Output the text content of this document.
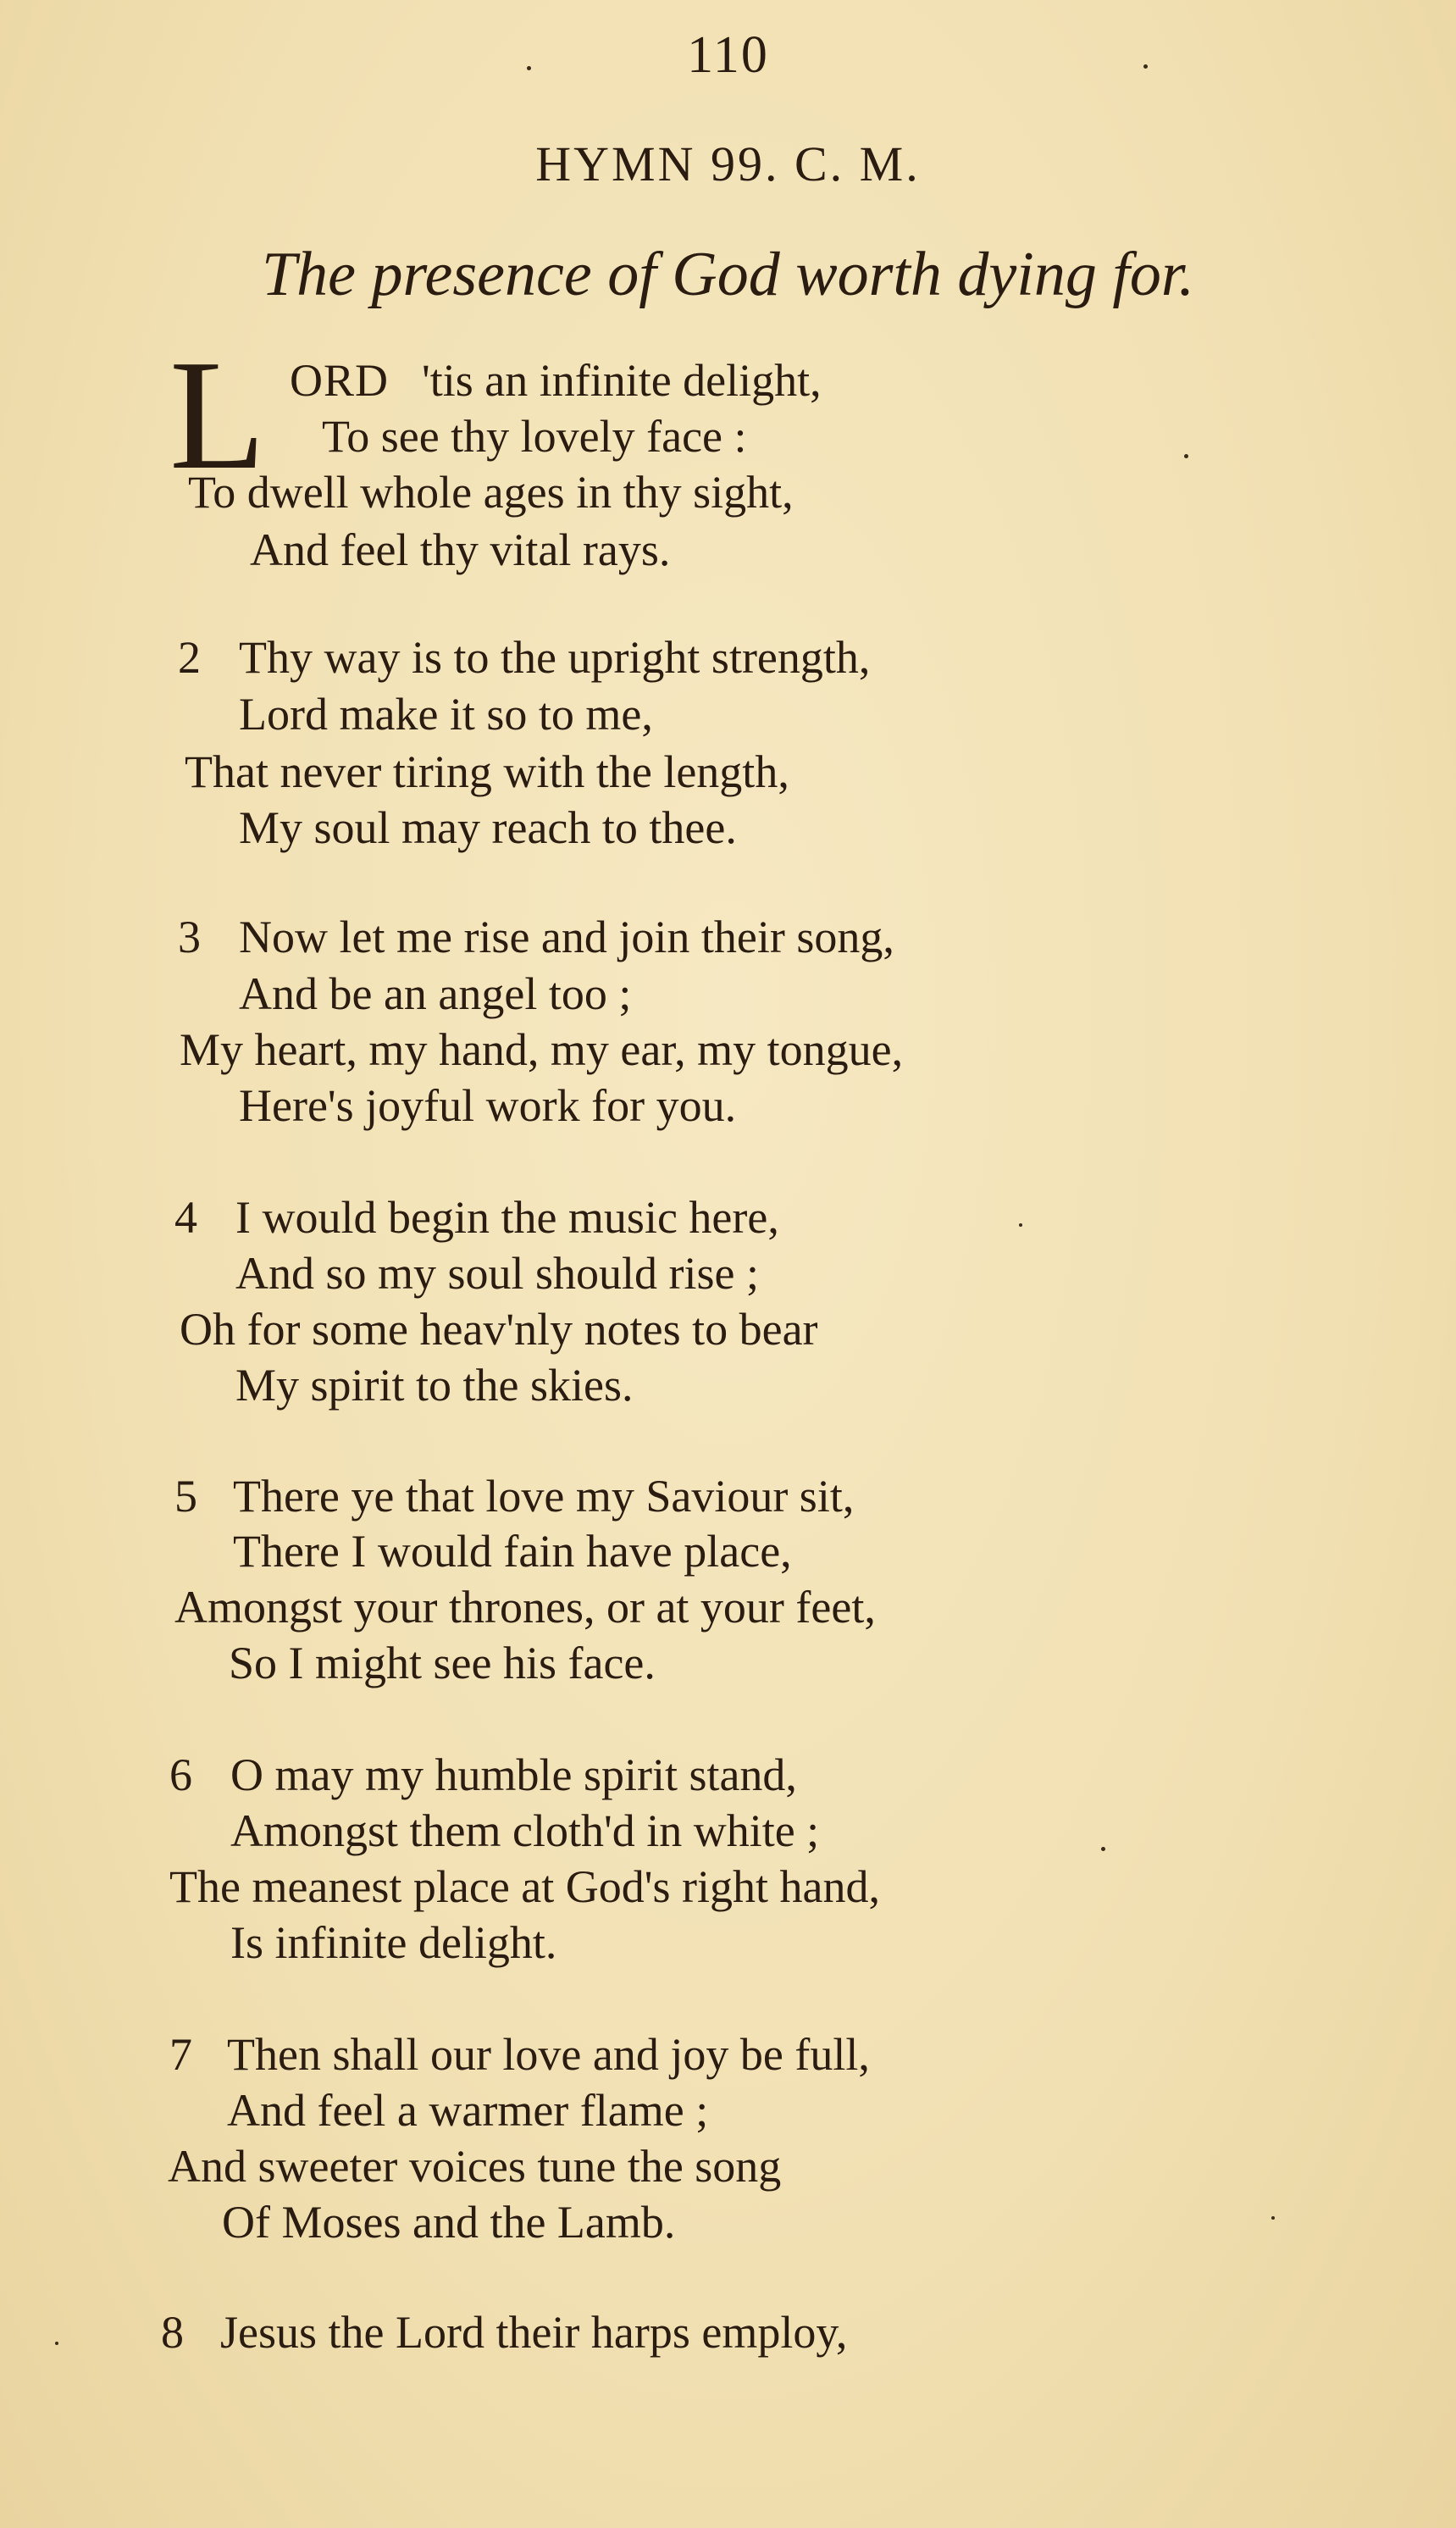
110
HYMN 99. C. M.
The presence of God worth dying for.
L ORD 'tis an infinite delight,
To see thy lovely face :
To dwell whole ages in thy sight,
And feel thy vital rays.
2 Thy way is to the upright strength,
Lord make it so to me,
That never tiring with the length,
My soul may reach to thee.
3 Now let me rise and join their song,
And be an angel too ;
My heart, my hand, my ear, my tongue,
Here's joyful work for you.
4 I would begin the music here,
And so my soul should rise ;
Oh for some heav'nly notes to bear
My spirit to the skies.
5 There ye that love my Saviour sit,
There I would fain have place,
Amongst your thrones, or at your feet,
So I might see his face.
6 O may my humble spirit stand,
Amongst them cloth'd in white ;
The meanest place at God's right hand,
Is infinite delight.
7 Then shall our love and joy be full,
And feel a warmer flame ;
And sweeter voices tune the song
Of Moses and the Lamb.
8 Jesus the Lord their harps employ,
